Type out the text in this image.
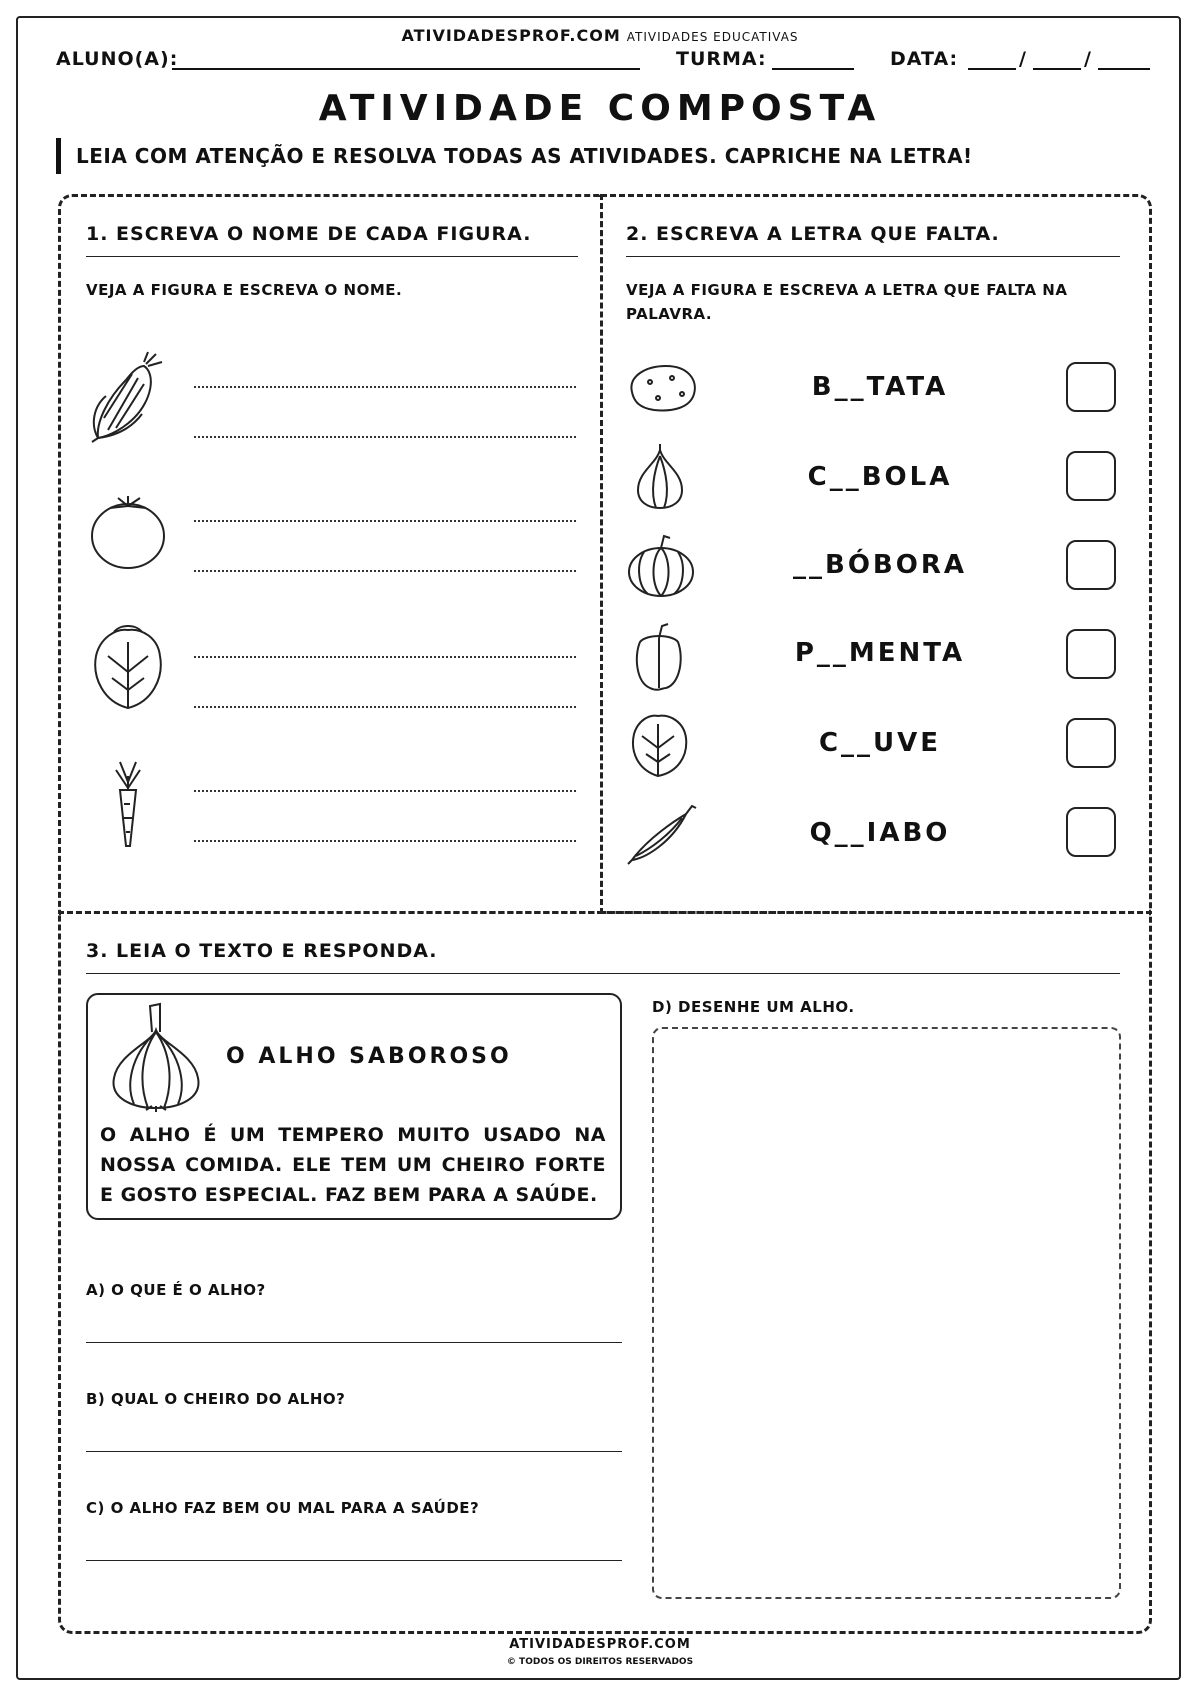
ATIVIDADESPROF.COM ATIVIDADES EDUCATIVAS
ALUNO(A):	TURMA:	DATA:	/	/
ATIVIDADE COMPOSTA
LEIA COM ATENÇÃO E RESOLVA TODAS AS ATIVIDADES. CAPRICHE NA LETRA!
1. ESCREVA O NOME DE CADA FIGURA.
VEJA A FIGURA E ESCREVA O NOME.
2. ESCREVA A LETRA QUE FALTA.
VEJA A FIGURA E ESCREVA A LETRA QUE FALTA NA PALAVRA.
B__TATA
C__BOLA
__BÓBORA
P__MENTA
C__UVE
Q__IABO
3. LEIA O TEXTO E RESPONDA.
O ALHO SABOROSO
O ALHO É UM TEMPERO MUITO USADO NA NOSSA COMIDA. ELE TEM UM CHEIRO FORTE E GOSTO ESPECIAL. FAZ BEM PARA A SAÚDE.
A) O QUE É O ALHO?
B) QUAL O CHEIRO DO ALHO?
C) O ALHO FAZ BEM OU MAL PARA A SAÚDE?
D) DESENHE UM ALHO.
ATIVIDADESPROF.COM
© TODOS OS DIREITOS RESERVADOS
